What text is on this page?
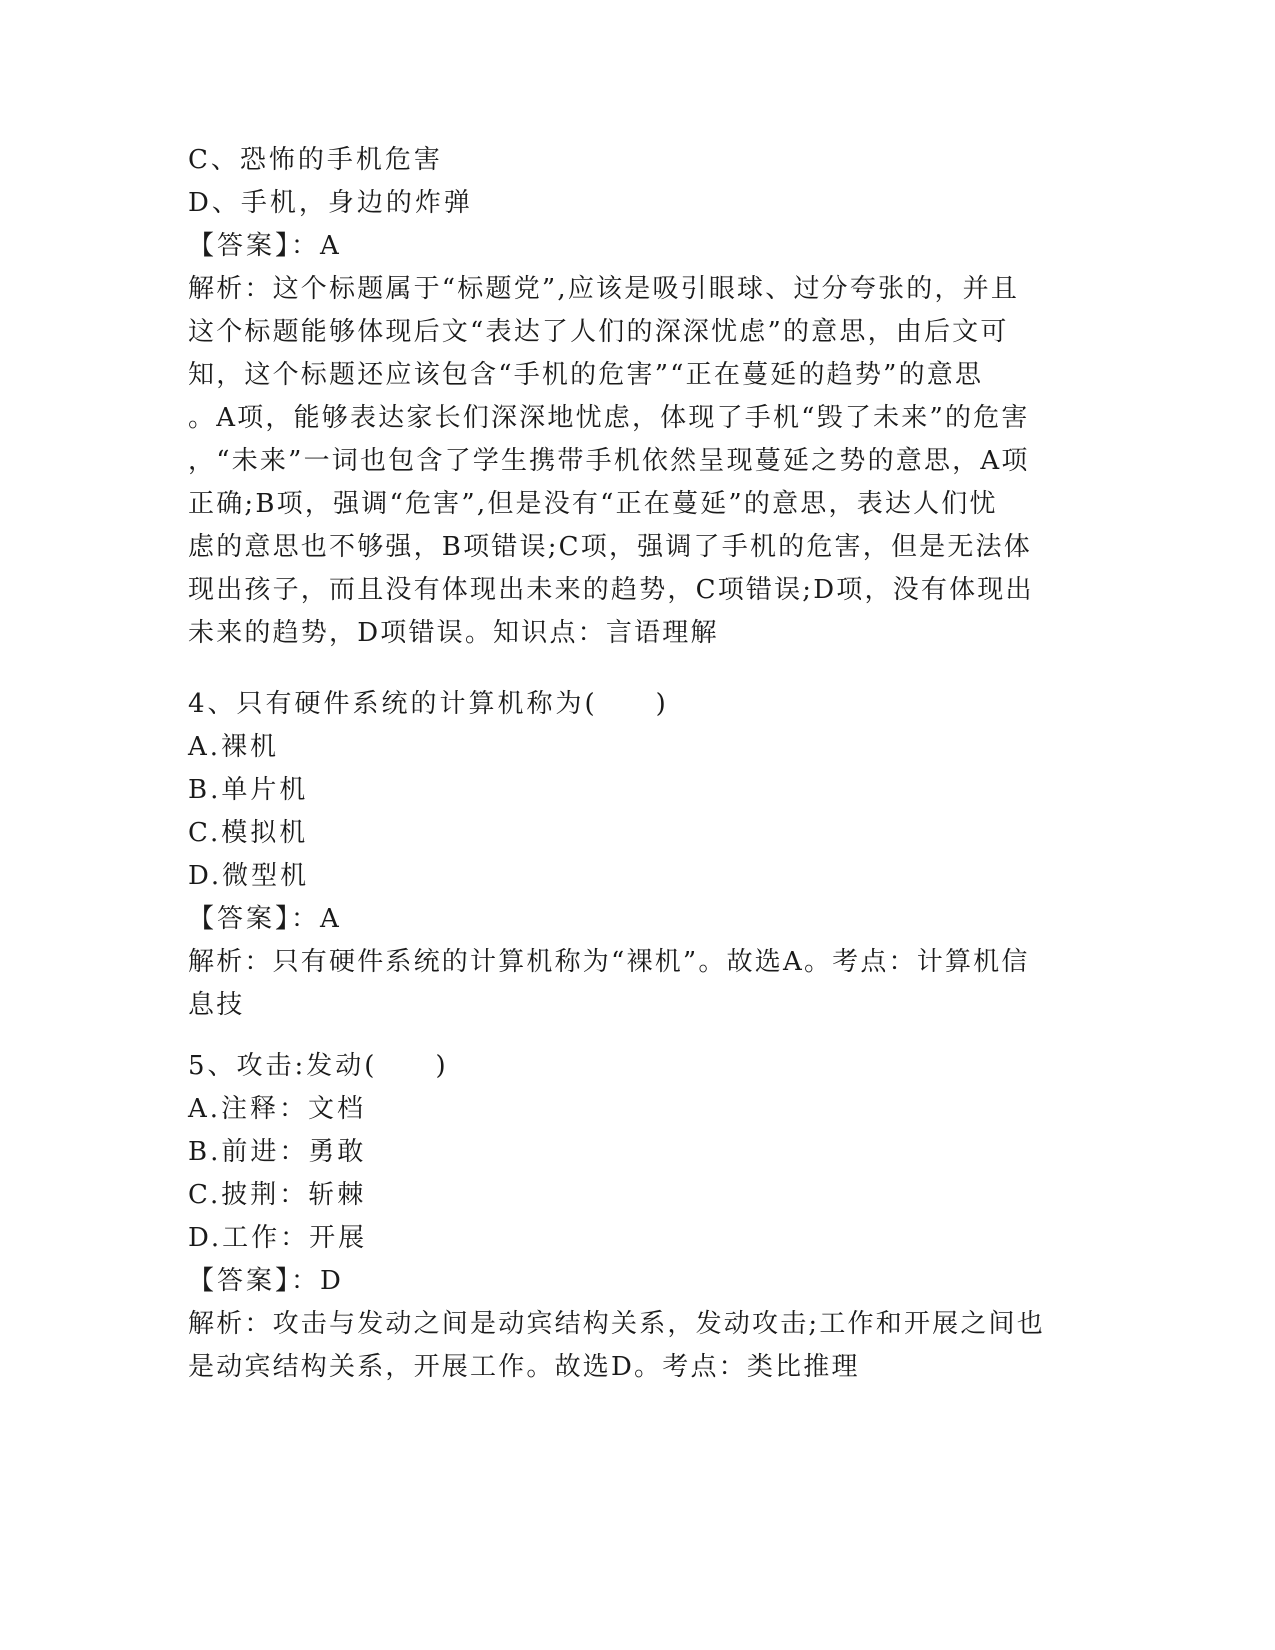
C、恐怖的手机危害
D、手机，身边的炸弹
【答案】：A
解析：这个标题属于“标题党”,应该是吸引眼球、过分夸张的，并且
这个标题能够体现后文“表达了人们的深深忧虑”的意思，由后文可
知，这个标题还应该包含“手机的危害”“正在蔓延的趋势”的意思
。A项，能够表达家长们深深地忧虑，体现了手机“毁了未来”的危害
，“未来”一词也包含了学生携带手机依然呈现蔓延之势的意思，A项
正确;B项，强调“危害”,但是没有“正在蔓延”的意思，表达人们忧
虑的意思也不够强，B项错误;C项，强调了手机的危害，但是无法体
现出孩子，而且没有体现出未来的趋势，C项错误;D项，没有体现出
未来的趋势，D项错误。知识点：言语理解
4、只有硬件系统的计算机称为(　　)
A.裸机
B.单片机
C.模拟机
D.微型机
【答案】：A
解析：只有硬件系统的计算机称为“裸机”。故选A。考点：计算机信
息技
5、攻击:发动(　　)
A.注释：文档
B.前进：勇敢
C.披荆：斩棘
D.工作：开展
【答案】：D
解析：攻击与发动之间是动宾结构关系，发动攻击;工作和开展之间也
是动宾结构关系，开展工作。故选D。考点：类比推理
